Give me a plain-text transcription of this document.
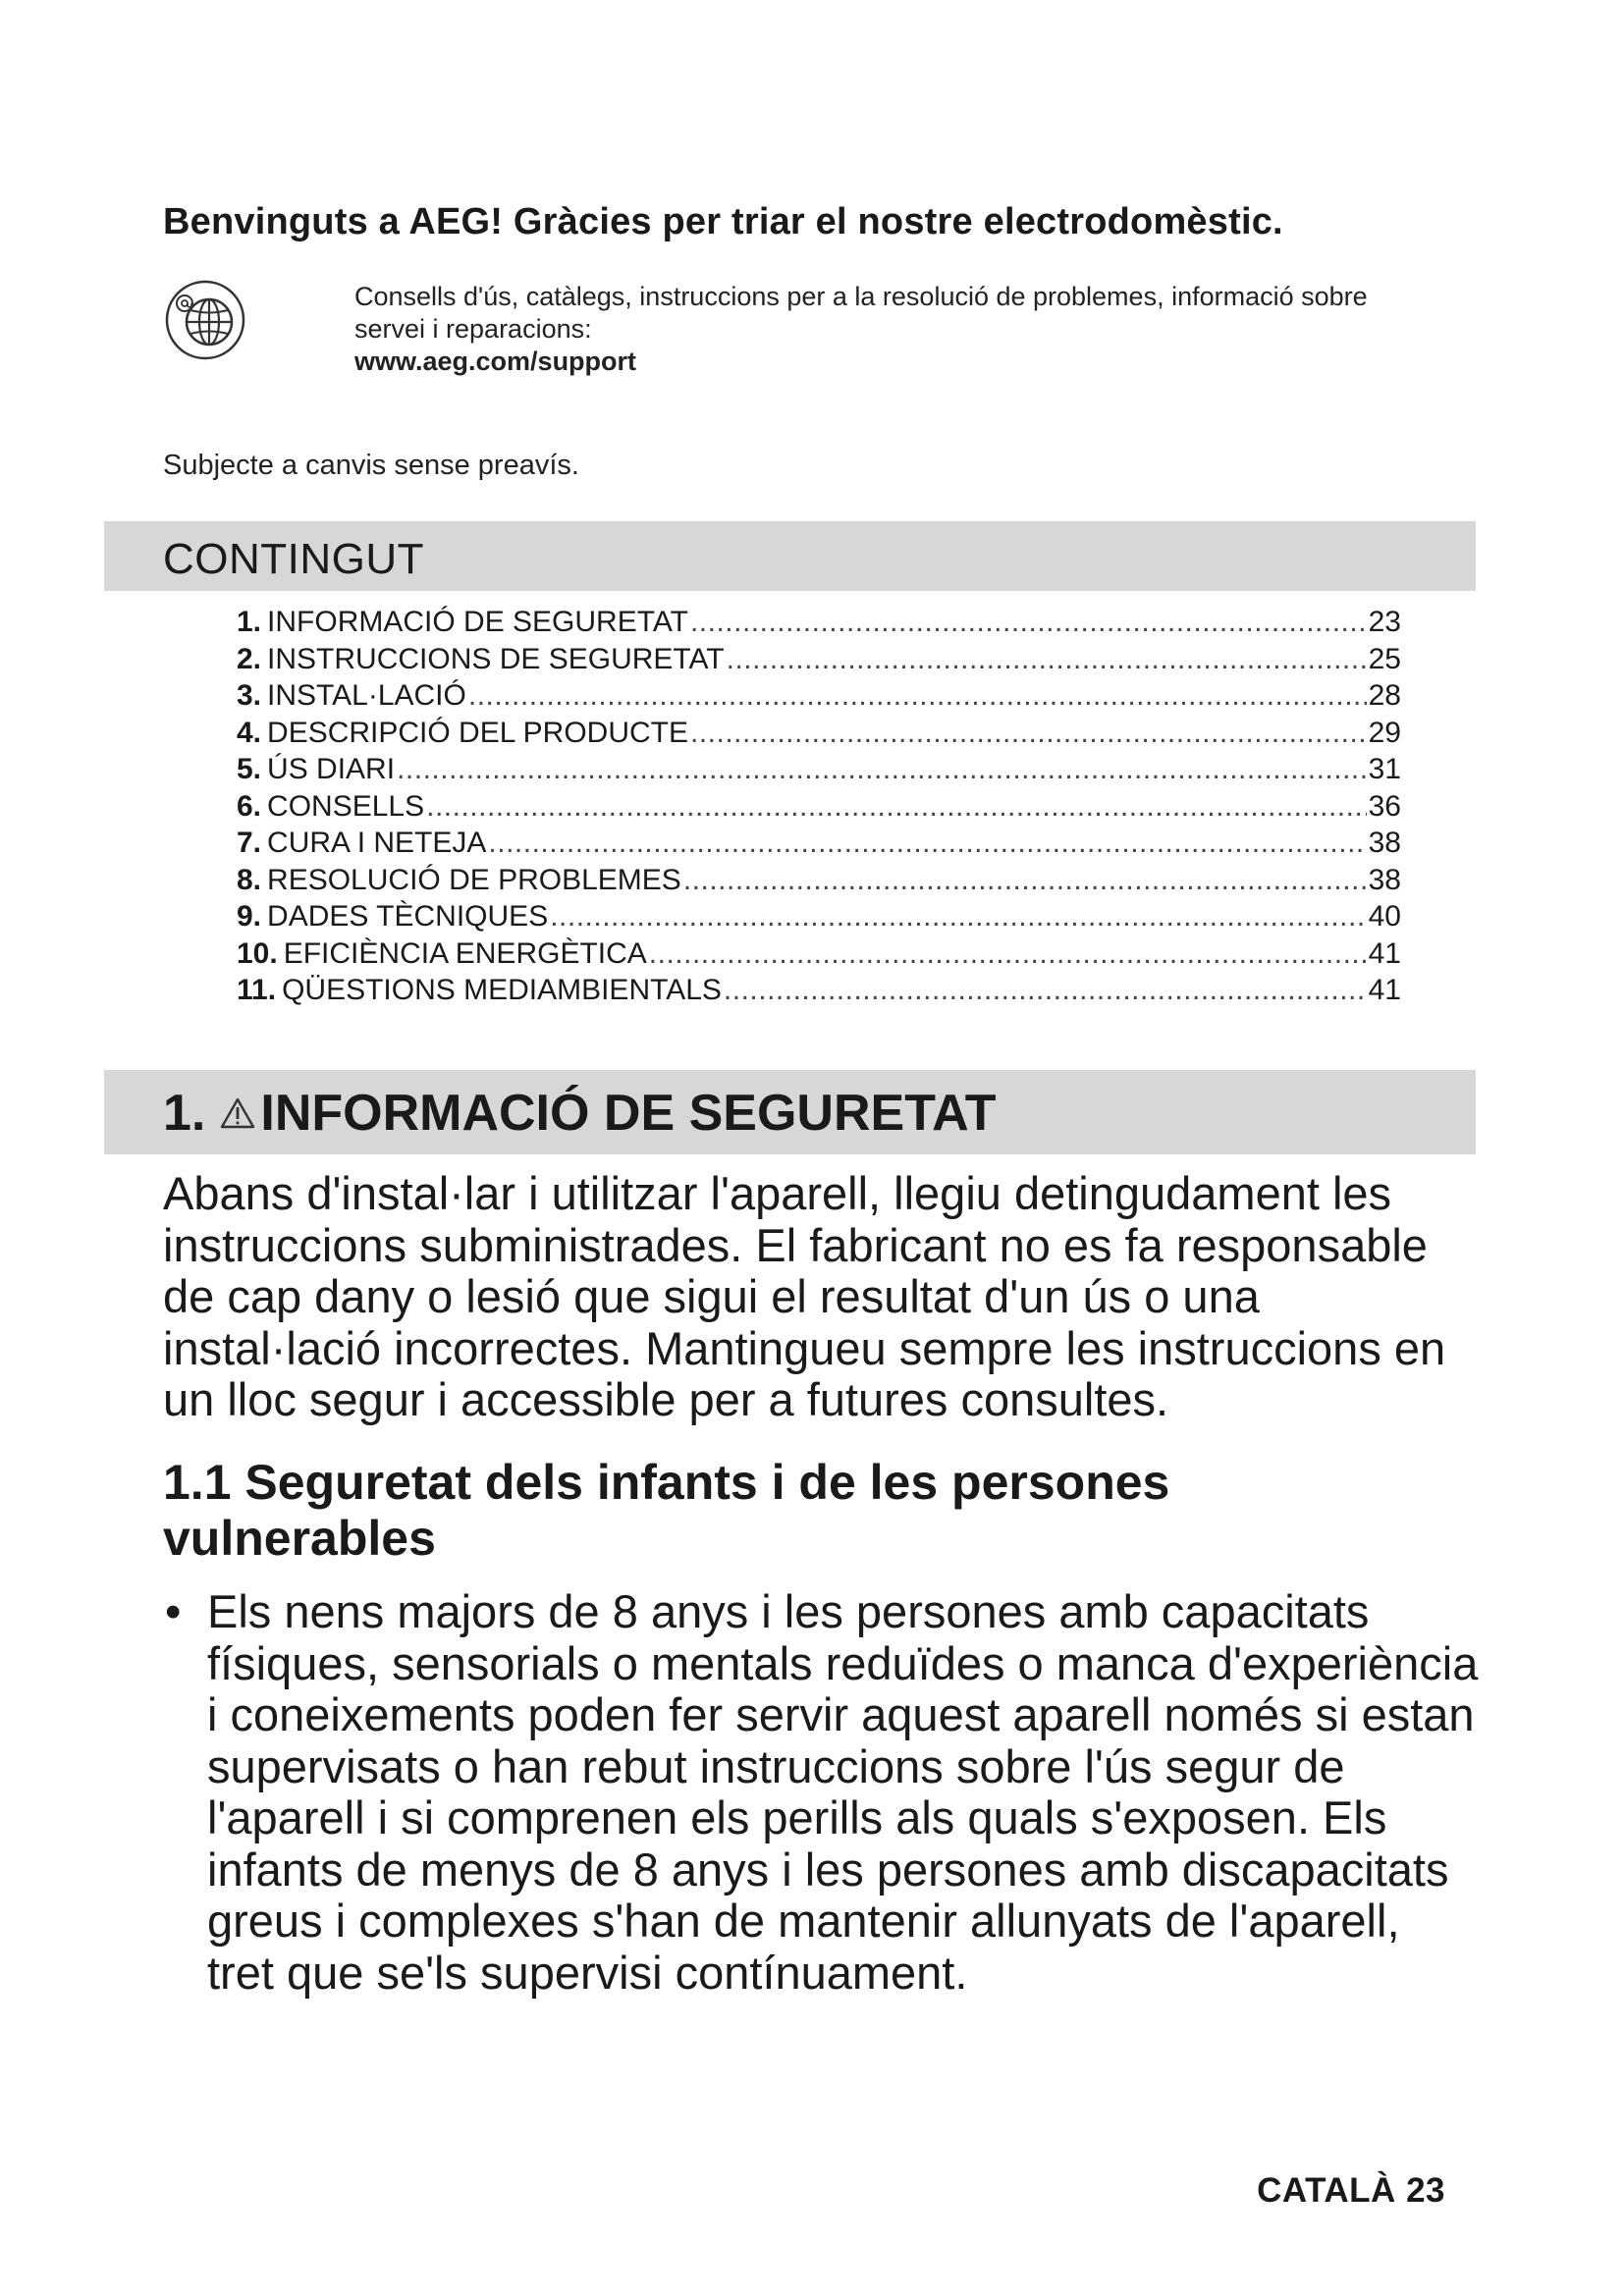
Benvinguts a AEG! Gràcies per triar el nostre electrodomèstic.
Consells d'ús, catàlegs, instruccions per a la resolució de problemes, informació sobre servei i reparacions:
www.aeg.com/support
Subjecte a canvis sense preavís.
CONTINGUT
1. INFORMACIÓ DE SEGURETAT .....	23
2. INSTRUCCIONS DE SEGURETAT .....	25
3. INSTAL·LACIÓ .....	28
4. DESCRIPCIÓ DEL PRODUCTE .....	29
5. ÚS DIARI .....	31
6. CONSELLS .....	36
7. CURA I NETEJA .....	38
8. RESOLUCIÓ DE PROBLEMES .....	38
9. DADES TÈCNIQUES .....	40
10. EFICIÈNCIA ENERGÈTICA .....	41
11. QÜESTIONS MEDIAMBIENTALS .....	41
1. INFORMACIÓ DE SEGURETAT

Abans d'instal·lar i utilitzar l'aparell, llegiu detingudament les instruccions subministrades. El fabricant no es fa responsable de cap dany o lesió que sigui el resultat d'un ús o una instal·lació incorrectes. Mantingueu sempre les instruccions en un lloc segur i accessible per a futures consultes.

1.1 Seguretat dels infants i de les persones vulnerables
• Els nens majors de 8 anys i les persones amb capacitats físiques, sensorials o mentals reduïdes o manca d'experiència i coneixements poden fer servir aquest aparell només si estan supervisats o han rebut instruccions sobre l'ús segur de l'aparell i si comprenen els perills als quals s'exposen. Els infants de menys de 8 anys i les persones amb discapacitats greus i complexes s'han de mantenir allunyats de l'aparell, tret que se'ls supervisi contínuament.
CATALÀ 23
